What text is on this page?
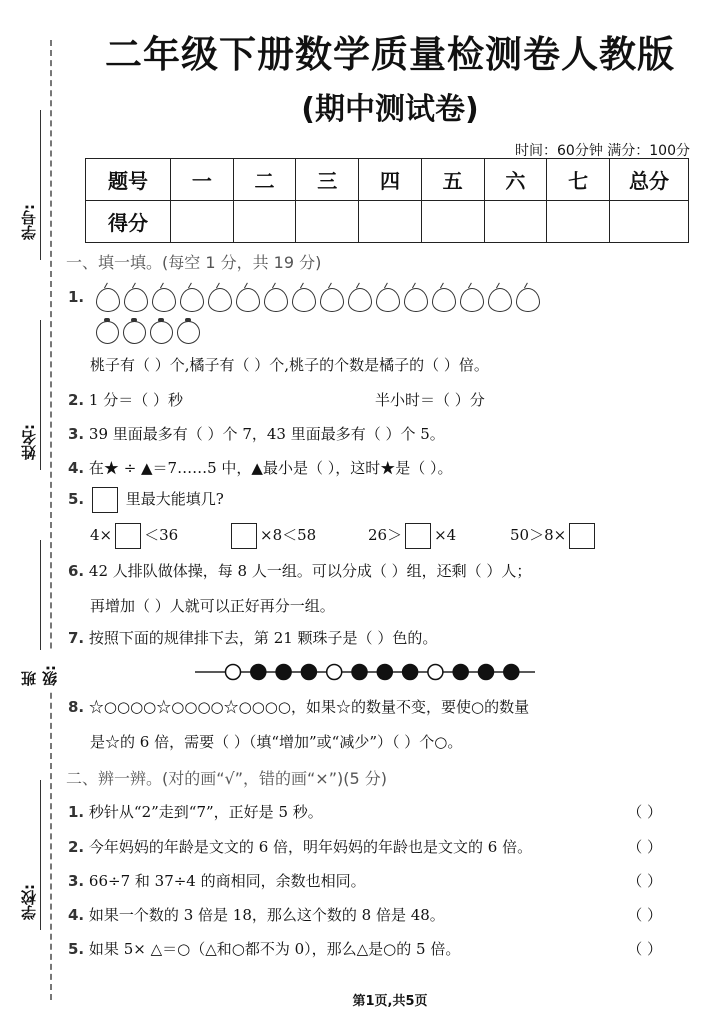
学号:
姓名:
班级:
学校:
二年级下册数学质量检测卷人教版
(期中测试卷)
时间：60分钟 满分：100分
题号	一	二	三	四	五	六	七	总分
得分								
一、填一填。(每空 1 分，共 19 分)
1.
桃子有（ ）个,橘子有（ ）个,桃子的个数是橘子的（ ）倍。
2. 1 分＝（ ）秒	半小时＝（ ）分
3. 39 里面最多有（ ）个 7，43 里面最多有（ ）个 5。
4. 在★ ÷ ▲＝7……5 中，▲最小是（ ），这时★是（ ）。
5.	里最大能填几?
4× ＜36	×8＜58	26＞ ×4	50＞8×
6. 42 人排队做体操，每 8 人一组。可以分成（ ）组，还剩（ ）人；
再增加（ ）人就可以正好再分一组。
7. 按照下面的规律排下去，第 21 颗珠子是（ ）色的。
8. ☆○○○○☆○○○○☆○○○○，如果☆的数量不变，要使○的数量
是☆的 6 倍，需要（ ）（填“增加”或“减少”）（ ）个○。
二、辨一辨。(对的画“√”，错的画“×”)(5 分)
1. 秒针从“2”走到“7”，正好是 5 秒。	（ ）
2. 今年妈妈的年龄是文文的 6 倍，明年妈妈的年龄也是文文的 6 倍。	（ ）
3. 66÷7 和 37÷4 的商相同，余数也相同。	（ ）
4. 如果一个数的 3 倍是 18，那么这个数的 8 倍是 48。	（ ）
5. 如果 5× △＝○（△和○都不为 0），那么△是○的 5 倍。	（ ）
第1页,共5页
